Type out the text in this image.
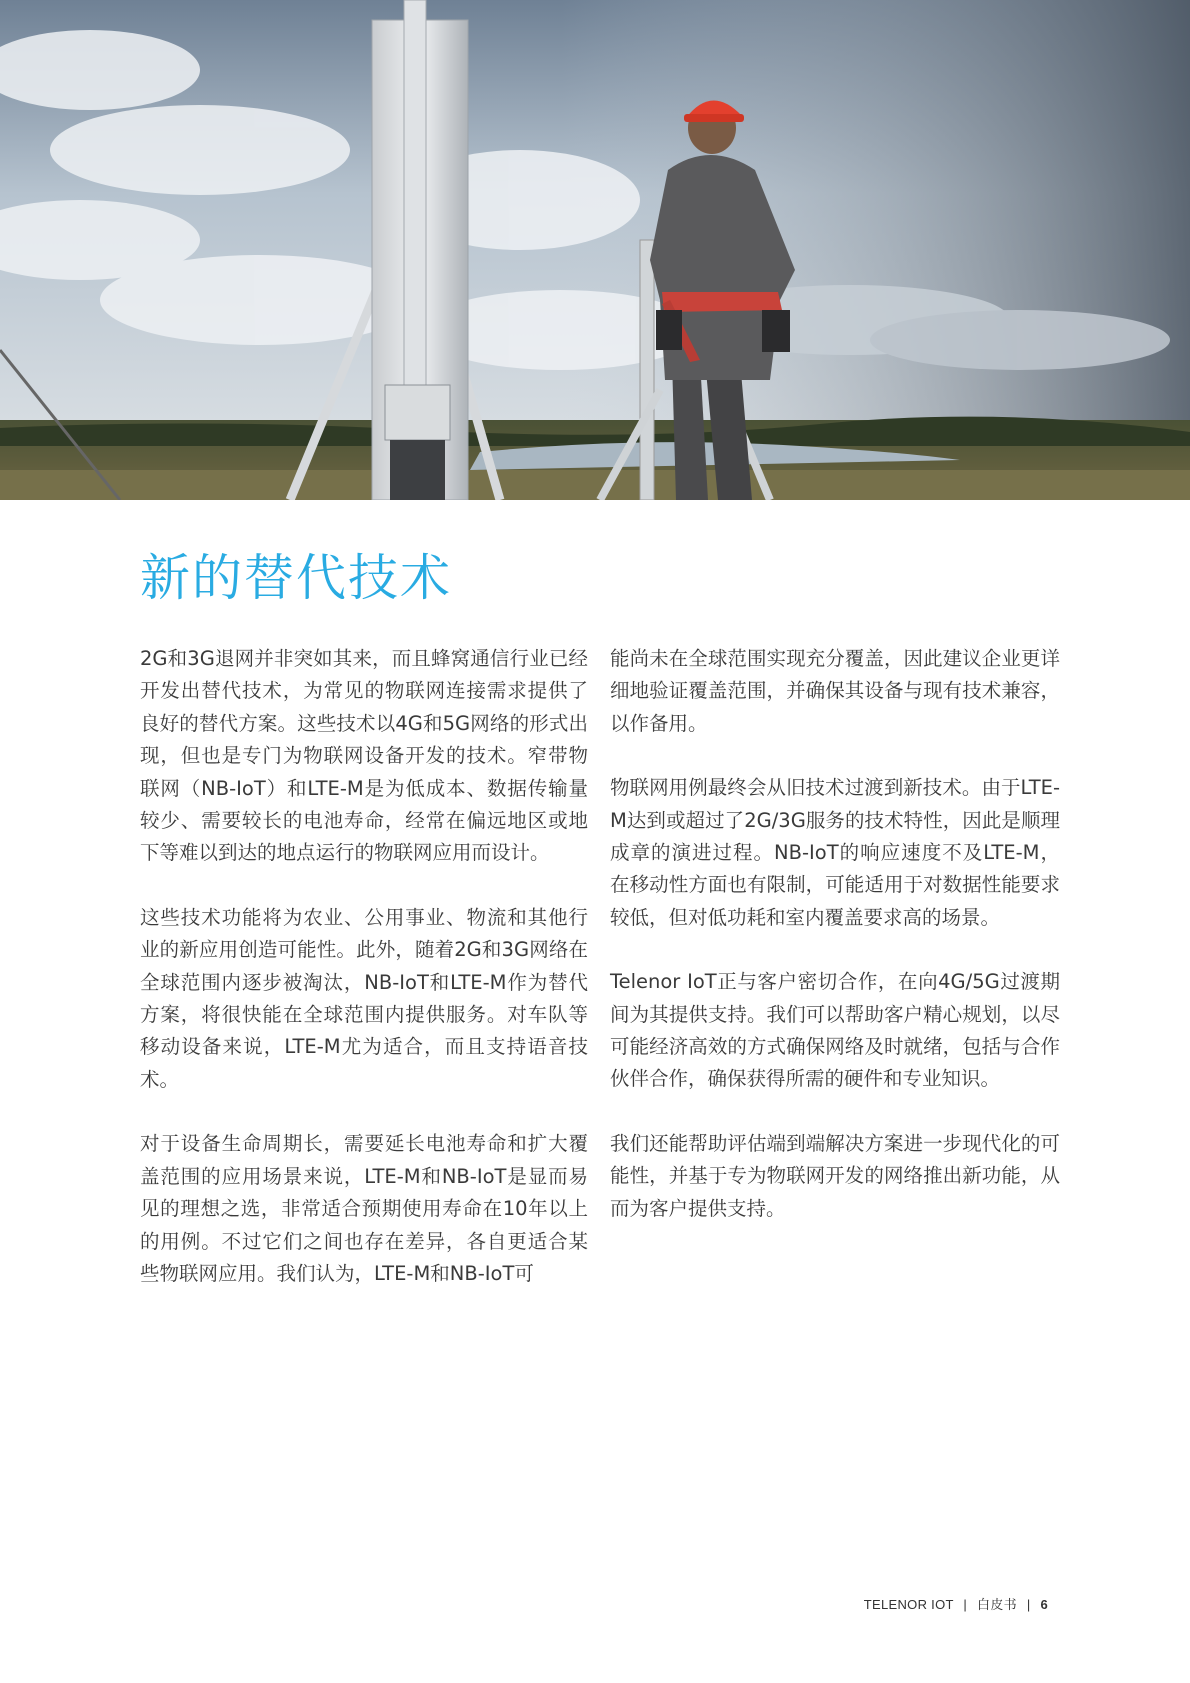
新的替代技术

2G和3G退网并非突如其来，而且蜂窝通信行业已经开发出替代技术，为常见的物联网连接需求提供了良好的替代方案。这些技术以4G和5G网络的形式出现，但也是专门为物联网设备开发的技术。窄带物联网（NB-IoT）和LTE-M是为低成本、数据传输量较少、需要较长的电池寿命，经常在偏远地区或地下等难以到达的地点运行的物联网应用而设计。

这些技术功能将为农业、公用事业、物流和其他行业的新应用创造可能性。此外，随着2G和3G网络在全球范围内逐步被淘汰，NB-IoT和LTE-M作为替代方案，将很快能在全球范围内提供服务。对车队等移动设备来说，LTE-M尤为适合，而且支持语音技术。

对于设备生命周期长，需要延长电池寿命和扩大覆盖范围的应用场景来说，LTE-M和NB-IoT是显而易见的理想之选，非常适合预期使用寿命在10年以上的用例。不过它们之间也存在差异，各自更适合某些物联网应用。我们认为，LTE-M和NB-IoT可

能尚未在全球范围实现充分覆盖，因此建议企业更详细地验证覆盖范围，并确保其设备与现有技术兼容，以作备用。

物联网用例最终会从旧技术过渡到新技术。由于LTE-M达到或超过了2G/3G服务的技术特性，因此是顺理成章的演进过程。NB-IoT的响应速度不及LTE-M，在移动性方面也有限制，可能适用于对数据性能要求较低，但对低功耗和室内覆盖要求高的场景。

Telenor IoT正与客户密切合作，在向4G/5G过渡期间为其提供支持。我们可以帮助客户精心规划，以尽可能经济高效的方式确保网络及时就绪，包括与合作伙伴合作，确保获得所需的硬件和专业知识。

我们还能帮助评估端到端解决方案进一步现代化的可能性，并基于专为物联网开发的网络推出新功能，从而为客户提供支持。

TELENOR IOT | 白皮书 | 6
